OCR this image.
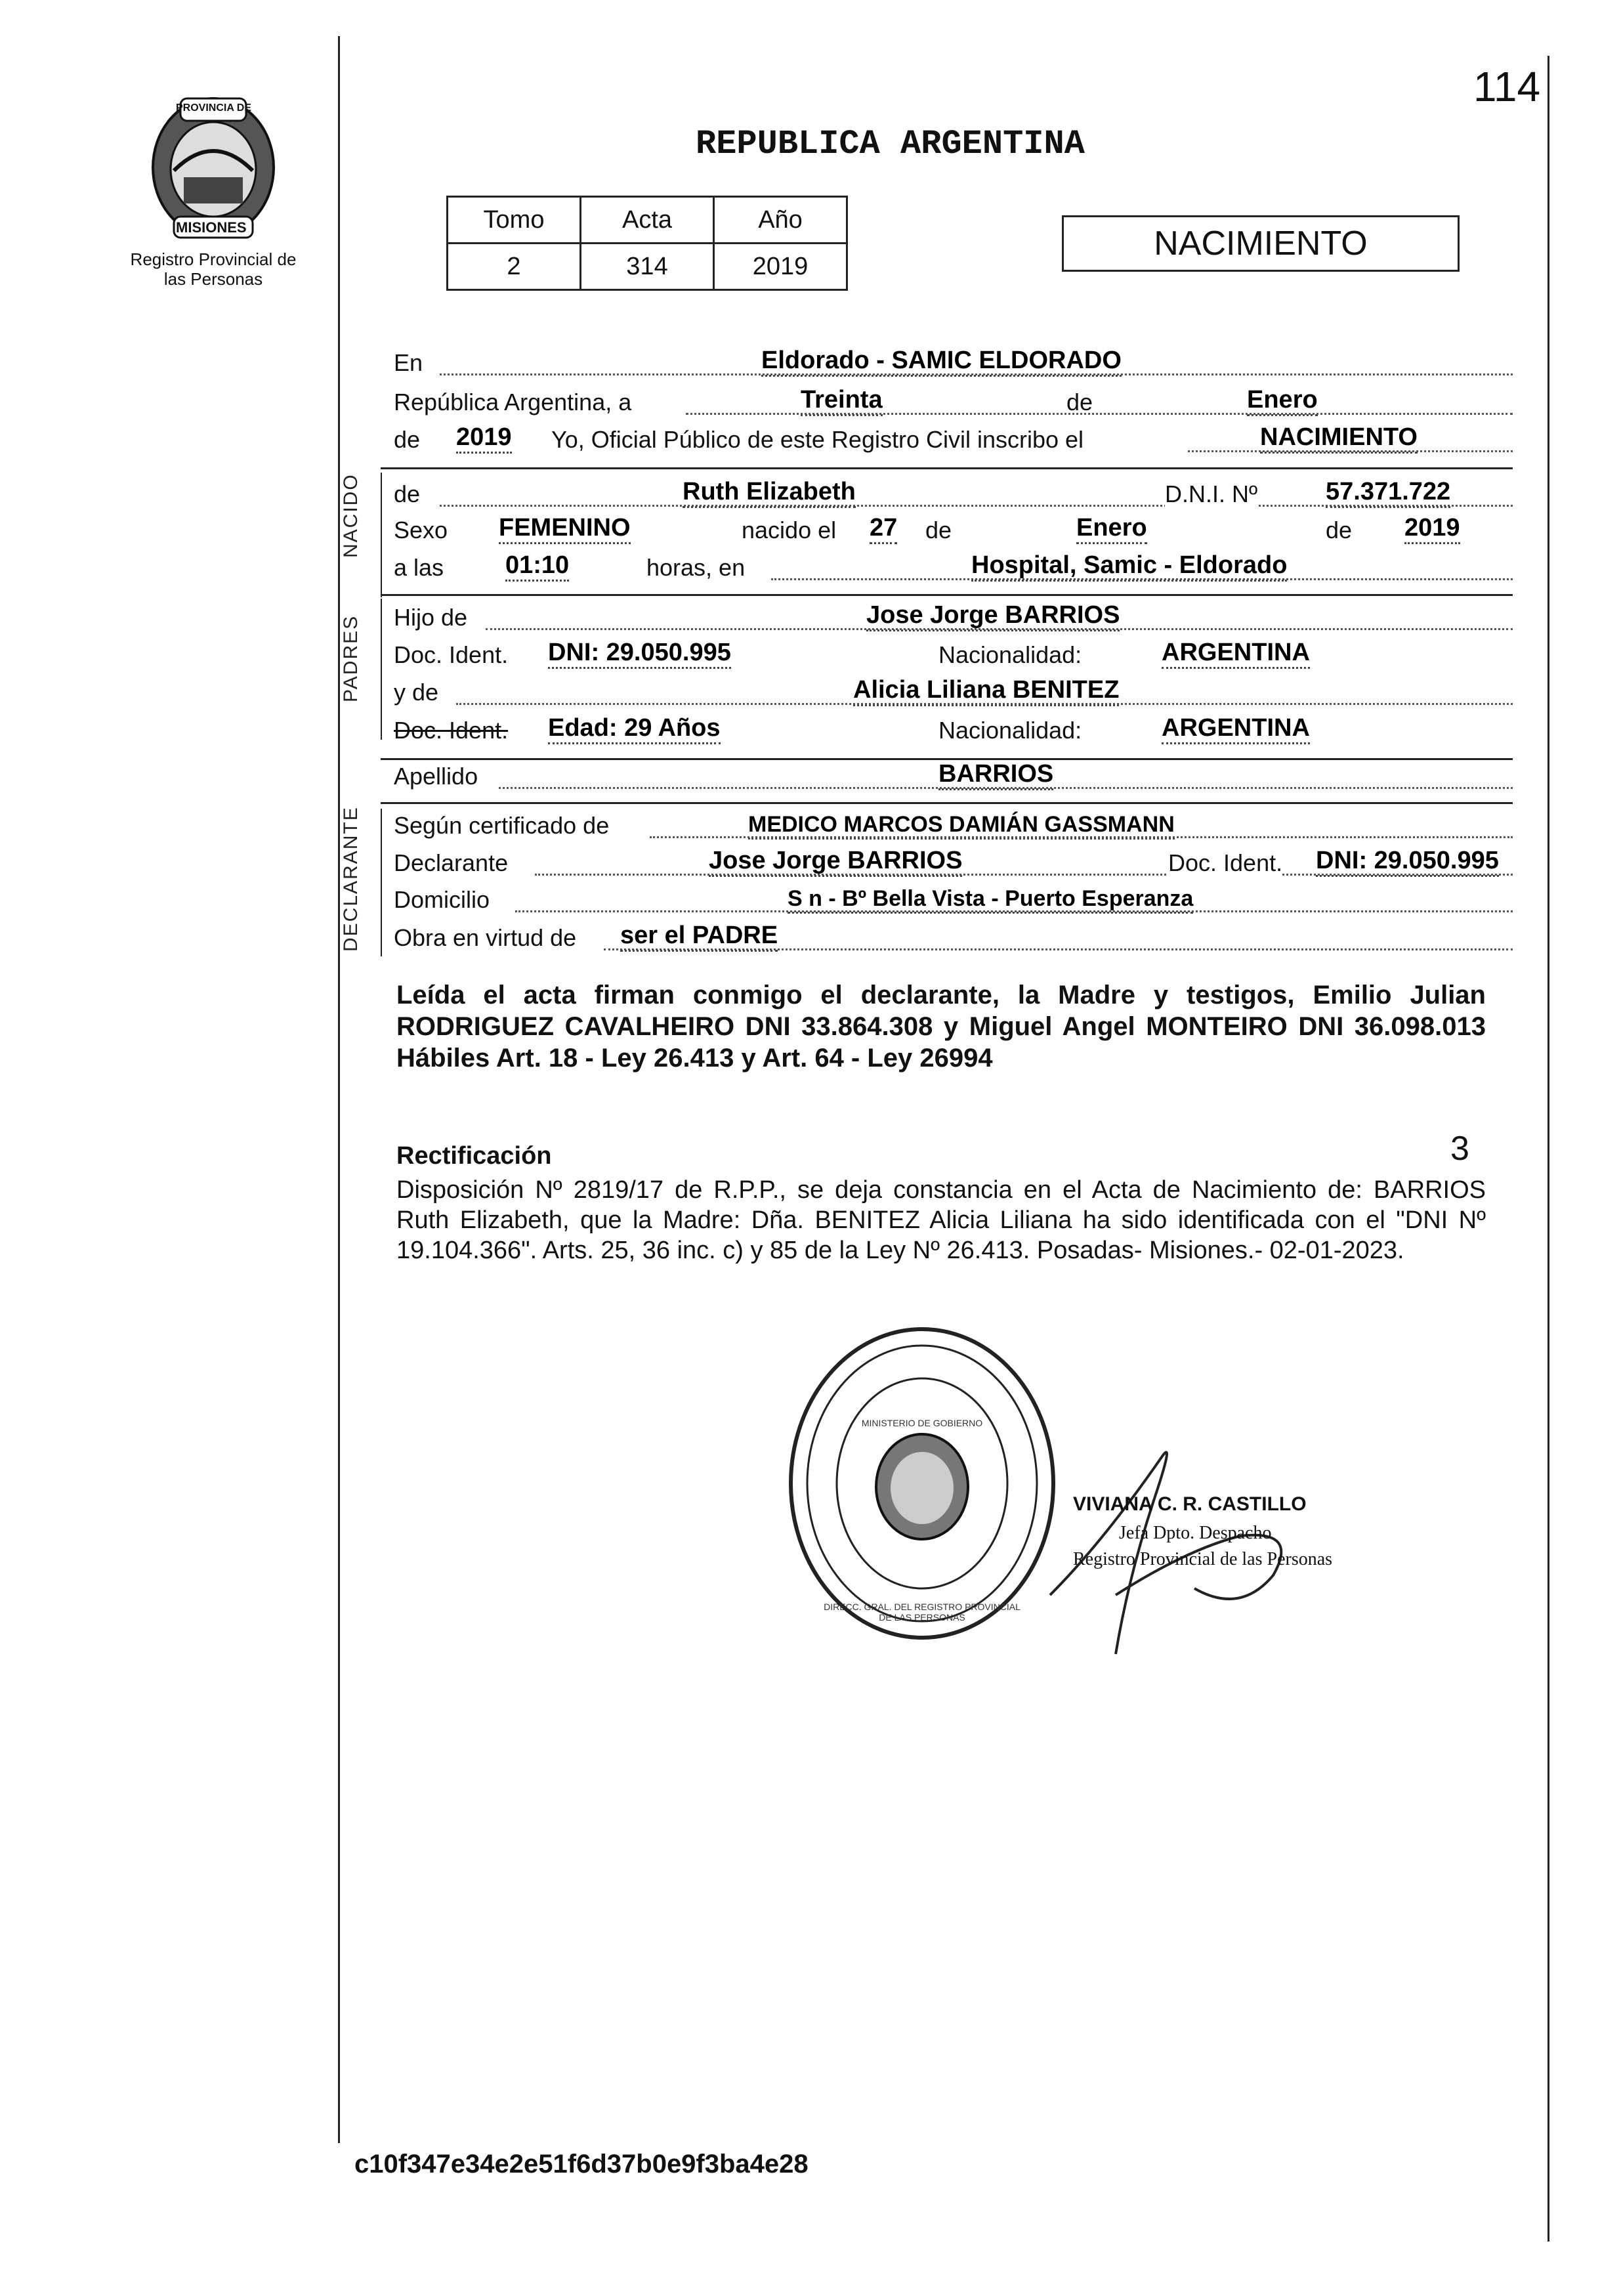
114
PROVINCIA DE
MISIONES
Registro Provincial de las Personas
REPUBLICA ARGENTINA
Tomo	Acta	Año
2	314	2019
NACIMIENTO
En	Eldorado - SAMIC ELDORADO
República Argentina, a	Treinta	de	Enero
de 2019 Yo, Oficial Público de este Registro Civil inscribo el	NACIMIENTO
NACIDO de	Ruth Elizabeth	D.N.I. Nº	57.371.722
Sexo FEMENINO	nacido el 27 de	Enero	de 2019
a las 01:10	horas, en	Hospital, Samic - Eldorado
PADRES Hijo de	Jose Jorge BARRIOS
Doc. Ident. DNI: 29.050.995	Nacionalidad:	ARGENTINA
y de	Alicia Liliana BENITEZ
Doc. Ident. Edad: 29 Años	Nacionalidad:	ARGENTINA
Apellido	BARRIOS
DECLARANTE Según certificado de	MEDICO MARCOS DAMIÁN GASSMANN
Declarante	Jose Jorge BARRIOS	Doc. Ident. DNI: 29.050.995
Domicilio	S n - Bº Bella Vista - Puerto Esperanza
Obra en virtud de ser el PADRE
Leída el acta firman conmigo el declarante, la Madre y testigos, Emilio Julian RODRIGUEZ CAVALHEIRO DNI 33.864.308 y Miguel Angel MONTEIRO DNI 36.098.013 Hábiles Art. 18 - Ley 26.413 y Art. 64 - Ley 26994
Rectificación	3
Disposición Nº 2819/17 de R.P.P., se deja constancia en el Acta de Nacimiento de: BARRIOS Ruth Elizabeth, que la Madre: Dña. BENITEZ Alicia Liliana ha sido identificada con el "DNI Nº 19.104.366". Arts. 25, 36 inc. c) y 85 de la Ley Nº 26.413. Posadas- Misiones.- 02-01-2023.
DIRECC. GRAL. DEL REGISTRO PROVINCIAL DE LAS PERSONAS
MINISTERIO DE GOBIERNO
VIVIANA C. R. CASTILLO
Jefa Dpto. Despacho
Registro Provincial de las Personas
c10f347e34e2e51f6d37b0e9f3ba4e28
